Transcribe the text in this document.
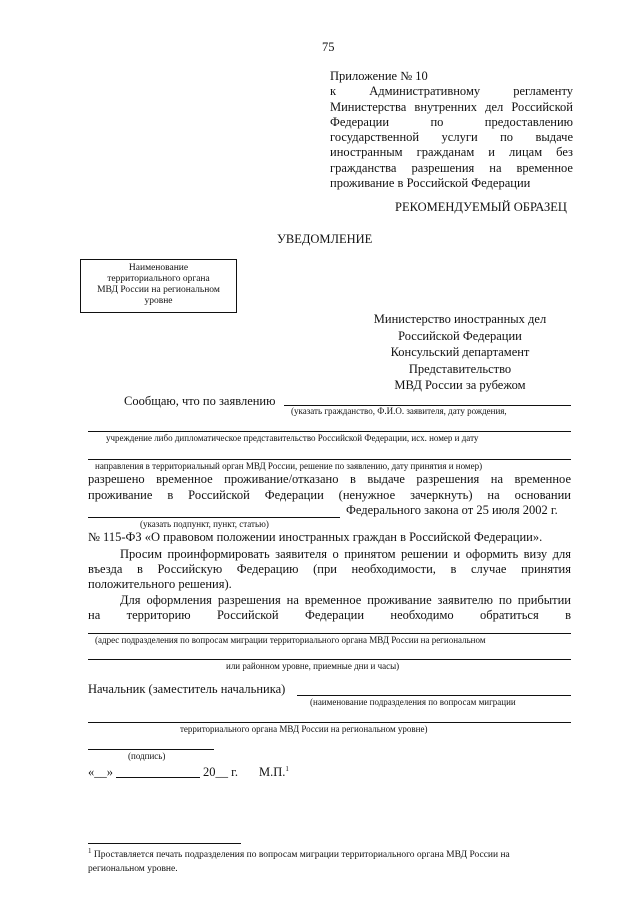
75
Приложение № 10
к Административному регламенту
Министерства внутренних дел Российской
Федерации по предоставлению
государственной услуги по выдаче
иностранным гражданам и лицам без
гражданства разрешения на временное
проживание в Российской Федерации
РЕКОМЕНДУЕМЫЙ ОБРАЗЕЦ
УВЕДОМЛЕНИЕ
Наименование
территориального органа
МВД России на региональном
уровне
Министерство иностранных дел
Российской Федерации
Консульский департамент
Представительство
МВД России за рубежом
Сообщаю, что по заявлению
(указать гражданство, Ф.И.О. заявителя, дату рождения,
учреждение либо дипломатическое представительство Российской Федерации, исх. номер и дату
направления в территориальный орган МВД России, решение по заявлению, дату принятия и номер)
разрешено временное проживание/отказано в выдаче разрешения на временное
проживание в Российской Федерации (ненужное зачеркнуть) на основании
Федерального закона от 25 июля 2002 г.
(указать подпункт, пункт, статью)
№ 115-ФЗ «О правовом положении иностранных граждан в Российской Федерации».
Просим проинформировать заявителя о принятом решении и оформить визу для
въезда в Российскую Федерацию (при необходимости, в случае принятия
положительного решения).
Для оформления разрешения на временное проживание заявителю по прибытии
на территорию Российской Федерации необходимо обратиться в
(адрес подразделения по вопросам миграции территориального органа МВД России на региональном
или районном уровне, приемные дни и часы)
Начальник (заместитель начальника)
(наименование подразделения по вопросам миграции
территориального органа МВД России на региональном уровне)
(подпись)
«__»	20__ г. М.П.$^1$
$^1$ Проставляется печать подразделения по вопросам миграции территориального органа МВД России на
региональном уровне.
